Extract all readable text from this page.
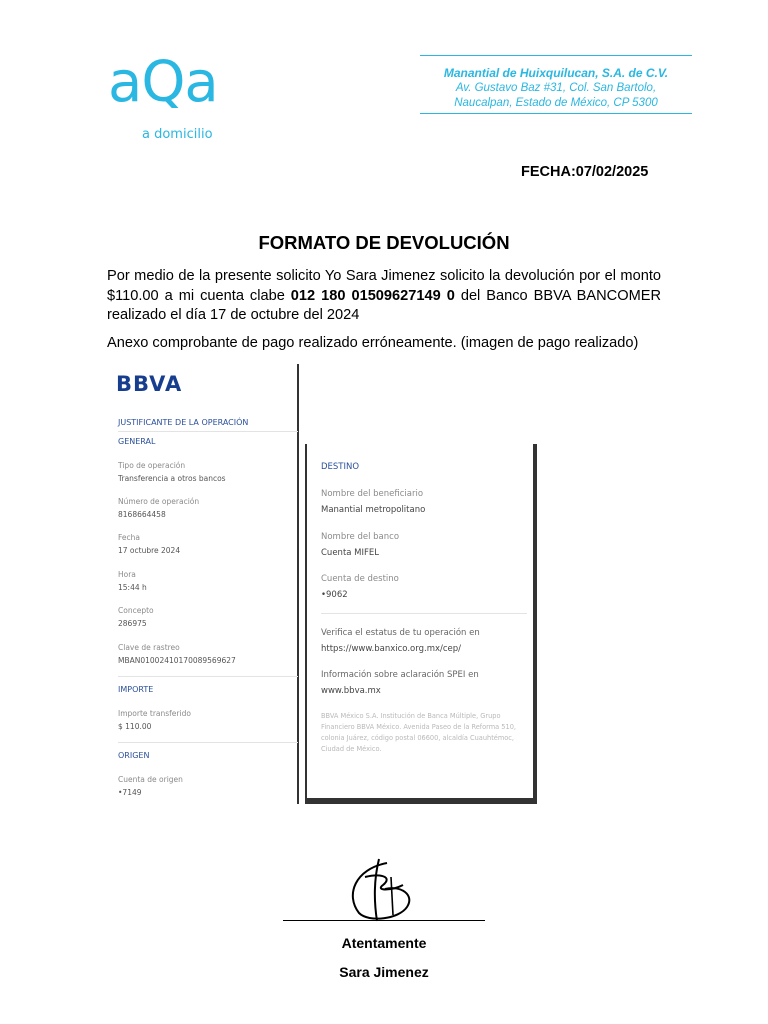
aQa
a domicilio
Manantial de Huixquilucan, S.A. de C.V.
Av. Gustavo Baz #31, Col. San Bartolo,
Naucalpan, Estado de México, CP 5300
FECHA:07/02/2025
FORMATO DE DEVOLUCIÓN
Por medio de la presente solicito Yo Sara Jimenez solicito la devolución por el monto $110.00 a mi cuenta clabe 012 180 01509627149 0 del Banco BBVA BANCOMER realizado el día 17 de octubre del 2024
Anexo comprobante de pago realizado erróneamente. (imagen de pago realizado)
BBVA
JUSTIFICANTE DE LA OPERACIÓN
GENERAL
Tipo de operación
Transferencia a otros bancos
Número de operación
8168664458
Fecha
17 octubre 2024
Hora
15:44 h
Concepto
286975
Clave de rastreo
MBAN01002410170089569627
IMPORTE
Importe transferido
$ 110.00
ORIGEN
Cuenta de origen
•7149
DESTINO
Nombre del beneficiario
Manantial metropolitano
Nombre del banco
Cuenta MIFEL
Cuenta de destino
•9062
Verifica el estatus de tu operación en
https://www.banxico.org.mx/cep/
Información sobre aclaración SPEI en
www.bbva.mx
BBVA México S.A. Institución de Banca Múltiple, Grupo Financiero BBVA México. Avenida Paseo de la Reforma 510, colonia Juárez, código postal 06600, alcaldía Cuauhtémoc, Ciudad de México.
Atentamente
Sara Jimenez
